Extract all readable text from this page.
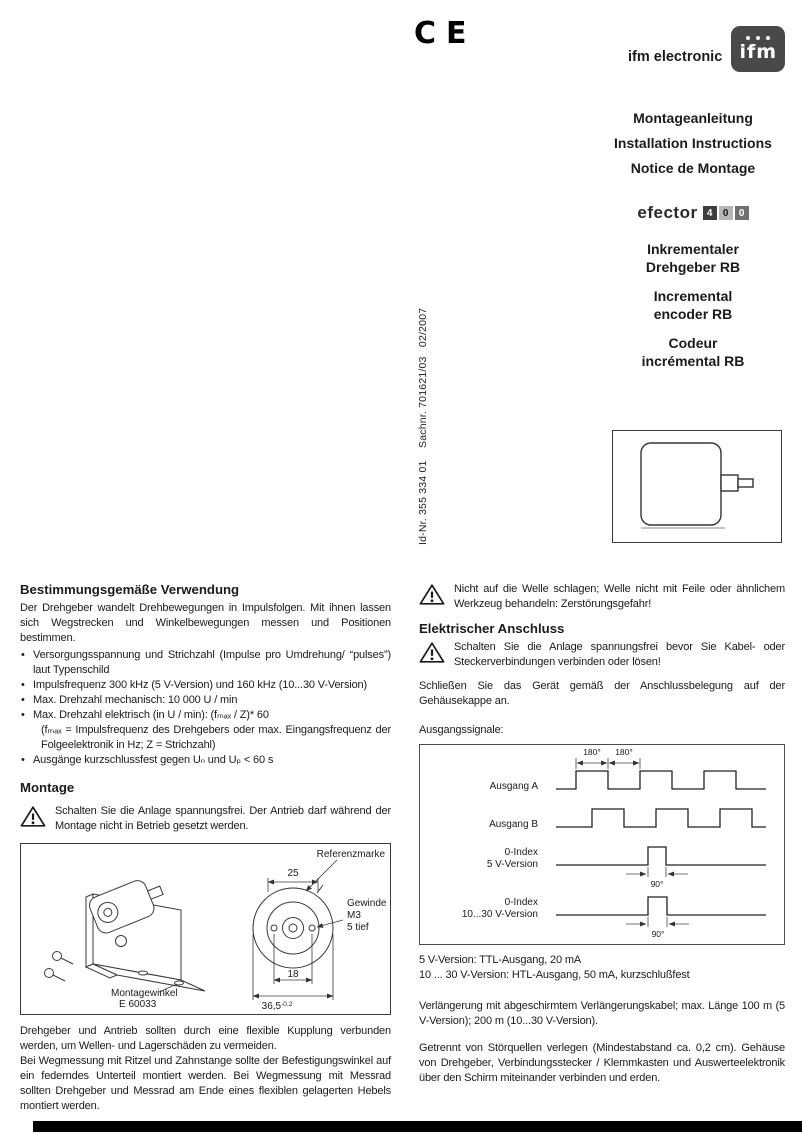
CE
ifm electronic ifm
Montageanleitung
Installation Instructions
Notice de Montage
efector 4	0	0
Inkrementaler
Drehgeber RB
Incremental
encoder RB
Codeur
incrémental RB
Id-Nr. 355 334 01    Sachnr. 701621/03   02/2007
Bestimmungsgemäße Verwendung

Der Drehgeber wandelt Drehbewegungen in Impulsfolgen. Mit ihnen lassen sich Wegstrecken und Winkelbewegungen messen und Positionen bestimmen.

• Versorgungsspannung und Strichzahl (Impulse pro Umdrehung/ “pulses”) laut Typenschild
• Impulsfrequenz 300 kHz (5 V-Version) und 160 kHz (10...30 V-Version)
• Max. Drehzahl mechanisch: 10 000 U / min
• Max. Drehzahl elektrisch (in U / min): (fₘₐₓ / Z)* 60
(fₘₐₓ = Impulsfrequenz des Drehgebers oder max. Eingangsfrequenz der Folgeelektronik in Hz; Z = Strichzahl)
• Ausgänge kurzschlussfest gegen Uₙ und Uₚ < 60 s
Montage
Schalten Sie die Anlage spannungsfrei. Der Antrieb darf während der Montage nicht in Betrieb gesetzt werden.
Referenzmarke
25
Gewinde
M3
5 tief
18
$36,5^{-0.2}$
Montagewinkel
E 60033

Drehgeber und Antrieb sollten durch eine flexible Kupplung verbunden werden, um Wellen- und Lagerschäden zu vermeiden.

Bei Wegmessung mit Ritzel und Zahnstange sollte der Befestigungswinkel auf ein federndes Unterteil montiert werden. Bei Wegmessung mit Messrad sollten Drehgeber und Messrad am Ende eines flexiblen gelagerten Hebels montiert werden.

Nicht auf die Welle schlagen; Welle nicht mit Feile oder ähnlichem Werkzeug behandeln: Zerstörungsgefahr!
Elektrischer Anschluss
Schalten Sie die Anlage spannungsfrei bevor Sie Kabel- oder Steckerverbindungen verbinden oder lösen!

Schließen Sie das Gerät gemäß der Anschlussbelegung auf der Gehäusekappe an.

Ausgangssignale:

180° 180°
90°
90°
Ausgang A
Ausgang B
0-Index
5 V-Version
0-Index
10...30 V-Version

5 V-Version: TTL-Ausgang, 20 mA

10 ... 30 V-Version: HTL-Ausgang, 50 mA, kurzschlußfest

Verlängerung mit abgeschirmtem Verlängerungskabel; max. Länge 100 m (5 V-Version); 200 m (10...30 V-Version).

Getrennt von Störquellen verlegen (Mindestabstand ca. 0,2 cm). Gehäuse von Drehgeber, Verbindungsstecker / Klemmkasten und Auswerteelektronik über den Schirm miteinander verbinden und erden.
